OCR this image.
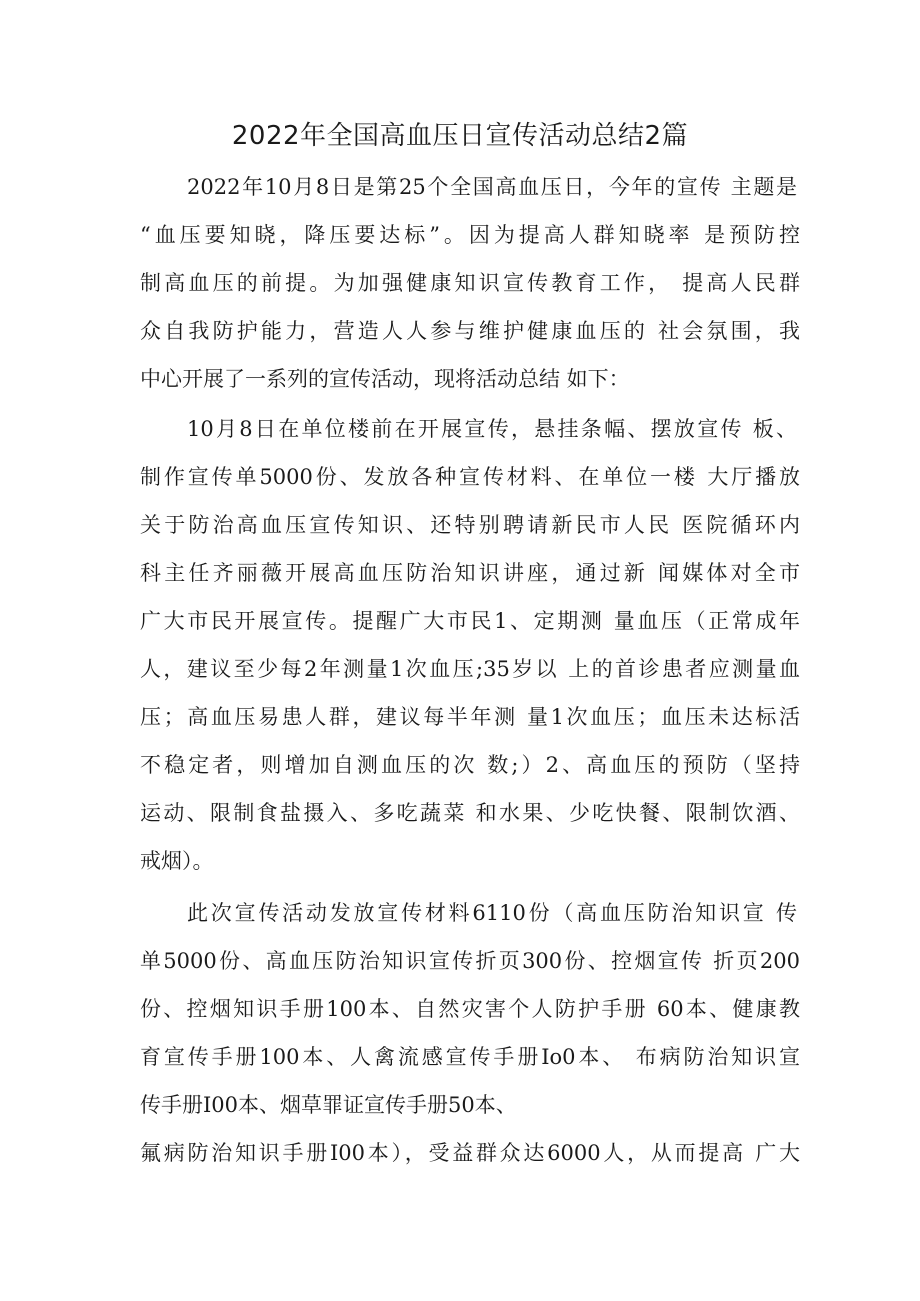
2022年全国高血压日宣传活动总结2篇
2022年10月8日是第25个全国高血压日，今年的宣传 主题是
“血压要知晓，降压要达标”。因为提高人群知晓率 是预防控
制高血压的前提。为加强健康知识宣传教育工作， 提高人民群
众自我防护能力，营造人人参与维护健康血压的 社会氛围，我
中心开展了一系列的宣传活动，现将活动总结 如下：
10月8日在单位楼前在开展宣传，悬挂条幅、摆放宣传 板、
制作宣传单5000份、发放各种宣传材料、在单位一楼 大厅播放
关于防治高血压宣传知识、还特别聘请新民市人民 医院循环内
科主任齐丽薇开展高血压防治知识讲座，通过新 闻媒体对全市
广大市民开展宣传。提醒广大市民1、定期测 量血压（正常成年
人，建议至少每2年测量1次血压;35岁以 上的首诊患者应测量血
压；高血压易患人群，建议每半年测 量1次血压；血压未达标活
不稳定者，则增加自测血压的次 数;）2、高血压的预防（坚持
运动、限制食盐摄入、多吃蔬菜 和水果、少吃快餐、限制饮酒、
戒烟）。
此次宣传活动发放宣传材料6110份（高血压防治知识宣 传
单5000份、高血压防治知识宣传折页300份、控烟宣传 折页200
份、控烟知识手册100本、自然灾害个人防护手册 60本、健康教
育宣传手册100本、人禽流感宣传手册Io0本、 布病防治知识宣
传手册I00本、烟草罪证宣传手册50本、
氟病防治知识手册I00本），受益群众达6000人，从而提高 广大
